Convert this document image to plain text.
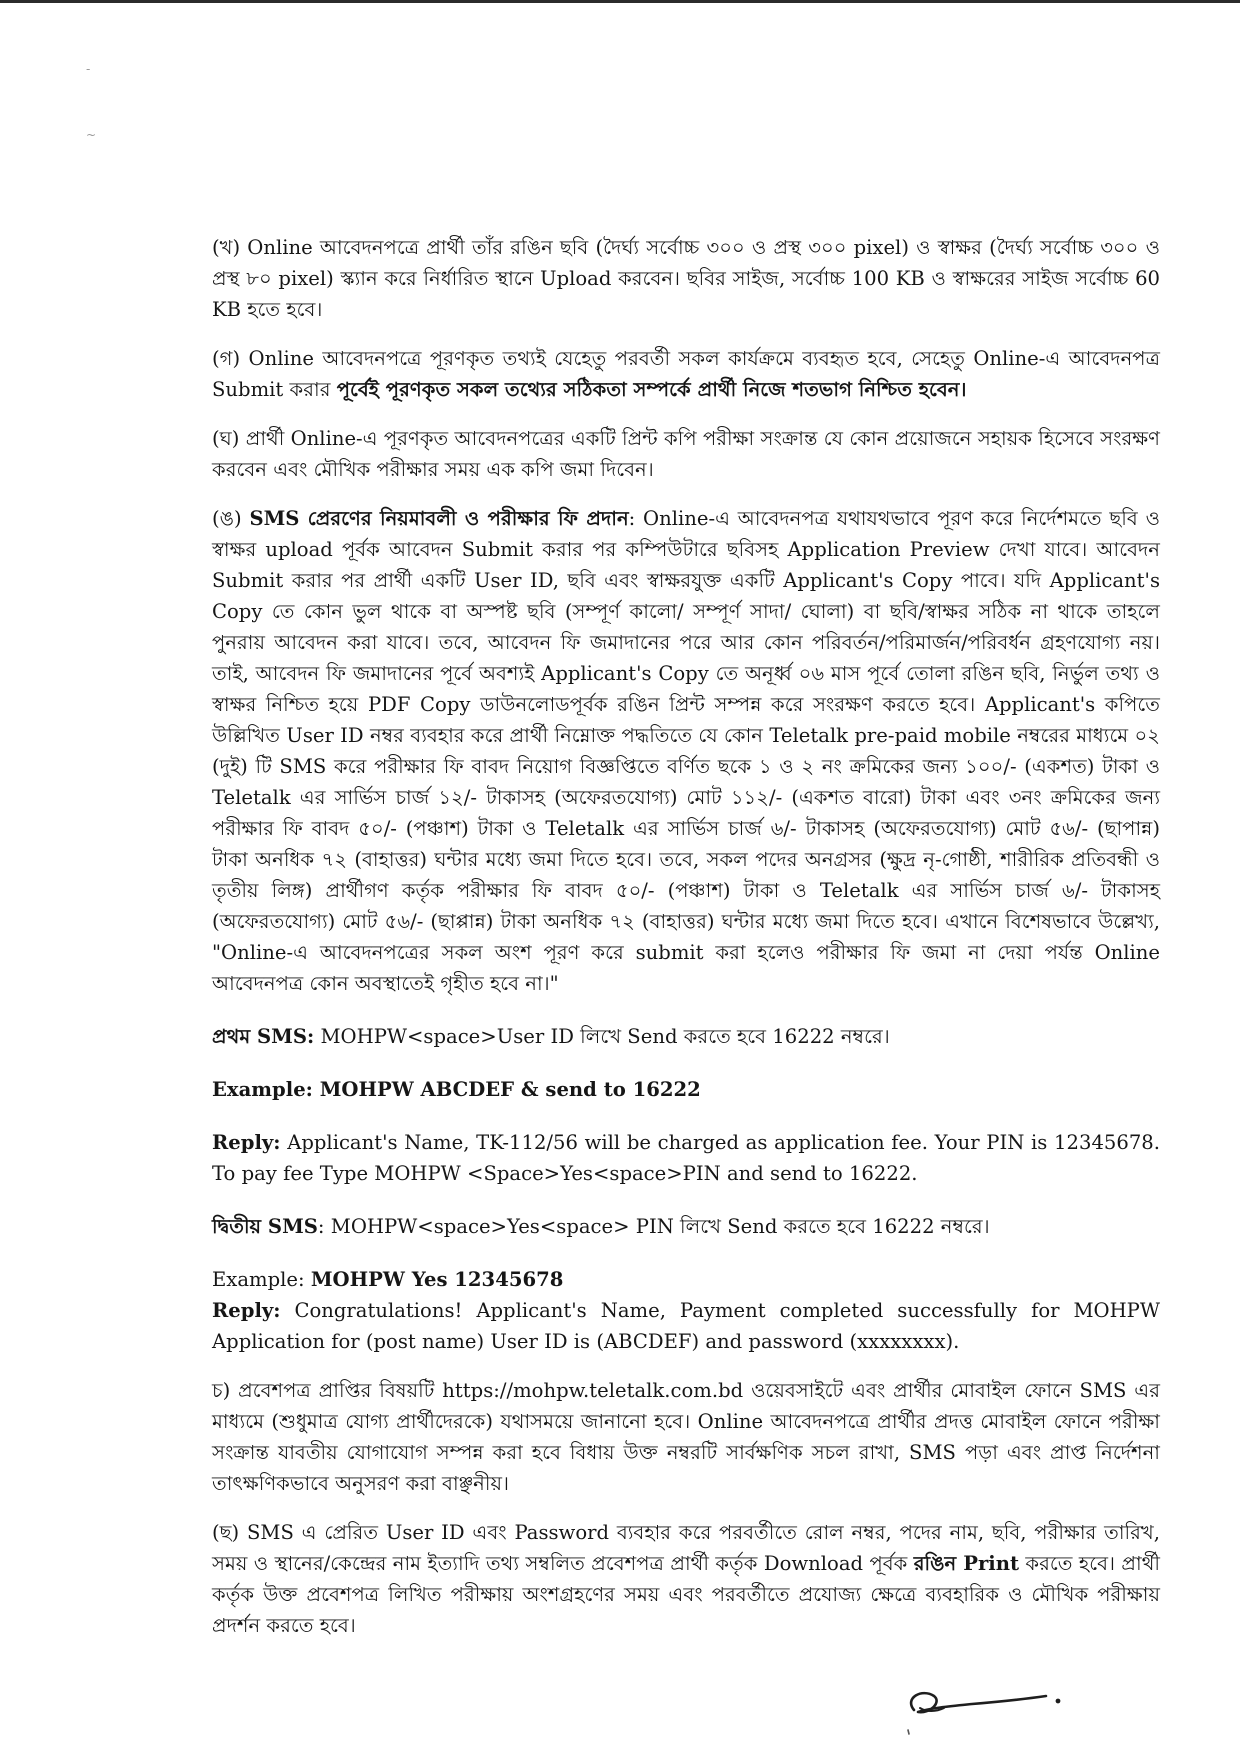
-
~

(খ) Online আবেদনপত্রে প্রার্থী তাঁর রঙিন ছবি (দৈর্ঘ্য সর্বোচ্চ ৩০০ ও প্রস্থ ৩০০ pixel) ও স্বাক্ষর (দৈর্ঘ্য সর্বোচ্চ ৩০০ ও প্রস্থ ৮০ pixel) স্ক্যান করে নির্ধারিত স্থানে Upload করবেন। ছবির সাইজ, সর্বোচ্চ 100 KB ও স্বাক্ষরের সাইজ সর্বোচ্চ 60 KB হতে হবে।

(গ) Online আবেদনপত্রে পূরণকৃত তথ্যই যেহেতু পরবর্তী সকল কার্যক্রমে ব্যবহৃত হবে, সেহেতু Online-এ আবেদনপত্র Submit করার পূর্বেই পূরণকৃত সকল তথ্যের সঠিকতা সম্পর্কে প্রার্থী নিজে শতভাগ নিশ্চিত হবেন।

(ঘ) প্রার্থী Online-এ পূরণকৃত আবেদনপত্রের একটি প্রিন্ট কপি পরীক্ষা সংক্রান্ত যে কোন প্রয়োজনে সহায়ক হিসেবে সংরক্ষণ করবেন এবং মৌখিক পরীক্ষার সময় এক কপি জমা দিবেন।

(ঙ) SMS প্রেরণের নিয়মাবলী ও পরীক্ষার ফি প্রদান: Online-এ আবেদনপত্র যথাযথভাবে পূরণ করে নির্দেশমতে ছবি ও স্বাক্ষর upload পূর্বক আবেদন Submit করার পর কম্পিউটারে ছবিসহ Application Preview দেখা যাবে। আবেদন Submit করার পর প্রার্থী একটি User ID, ছবি এবং স্বাক্ষরযুক্ত একটি Applicant's Copy পাবে। যদি Applicant's Copy তে কোন ভুল থাকে বা অস্পষ্ট ছবি (সম্পূর্ণ কালো/ সম্পূর্ণ সাদা/ ঘোলা) বা ছবি/স্বাক্ষর সঠিক না থাকে তাহলে পুনরায় আবেদন করা যাবে। তবে, আবেদন ফি জমাদানের পরে আর কোন পরিবর্তন/পরিমার্জন/পরিবর্ধন গ্রহণযোগ্য নয়। তাই, আবেদন ফি জমাদানের পূর্বে অবশ্যই Applicant's Copy তে অনূর্ধ্ব ০৬ মাস পূর্বে তোলা রঙিন ছবি, নির্ভুল তথ্য ও স্বাক্ষর নিশ্চিত হয়ে PDF Copy ডাউনলোডপূর্বক রঙিন প্রিন্ট সম্পন্ন করে সংরক্ষণ করতে হবে। Applicant's কপিতে উল্লিখিত User ID নম্বর ব্যবহার করে প্রার্থী নিম্নোক্ত পদ্ধতিতে যে কোন Teletalk pre-paid mobile নম্বরের মাধ্যমে ০২ (দুই) টি SMS করে পরীক্ষার ফি বাবদ নিয়োগ বিজ্ঞপ্তিতে বর্ণিত ছকে ১ ও ২ নং ক্রমিকের জন্য ১০০/- (একশত) টাকা ও Teletalk এর সার্ভিস চার্জ ১২/- টাকাসহ (অফেরতযোগ্য) মোট ১১২/- (একশত বারো) টাকা এবং ৩নং ক্রমিকের জন্য পরীক্ষার ফি বাবদ ৫০/- (পঞ্চাশ) টাকা ও Teletalk এর সার্ভিস চার্জ ৬/- টাকাসহ (অফেরতযোগ্য) মোট ৫৬/- (ছাপান্ন) টাকা অনধিক ৭২ (বাহাত্তর) ঘন্টার মধ্যে জমা দিতে হবে। তবে, সকল পদের অনগ্রসর (ক্ষুদ্র নৃ-গোষ্ঠী, শারীরিক প্রতিবন্ধী ও তৃতীয় লিঙ্গ) প্রার্থীগণ কর্তৃক পরীক্ষার ফি বাবদ ৫০/- (পঞ্চাশ) টাকা ও Teletalk এর সার্ভিস চার্জ ৬/- টাকাসহ (অফেরতযোগ্য) মোট ৫৬/- (ছাপ্পান্ন) টাকা অনধিক ৭২ (বাহাত্তর) ঘন্টার মধ্যে জমা দিতে হবে। এখানে বিশেষভাবে উল্লেখ্য, "Online-এ আবেদনপত্রের সকল অংশ পূরণ করে submit করা হলেও পরীক্ষার ফি জমা না দেয়া পর্যন্ত Online আবেদনপত্র কোন অবস্থাতেই গৃহীত হবে না।"

প্রথম SMS: MOHPW<space>User ID লিখে Send করতে হবে 16222 নম্বরে।

Example: MOHPW ABCDEF & send to 16222

Reply: Applicant's Name, TK-112/56 will be charged as application fee. Your PIN is 12345678. To pay fee Type MOHPW <Space>Yes<space>PIN and send to 16222.

দ্বিতীয় SMS: MOHPW<space>Yes<space> PIN লিখে Send করতে হবে 16222 নম্বরে।

Example: MOHPW Yes 12345678

Reply: Congratulations! Applicant's Name, Payment completed successfully for MOHPW Application for (post name) User ID is (ABCDEF) and password (xxxxxxxx).

চ) প্রবেশপত্র প্রাপ্তির বিষয়টি https://mohpw.teletalk.com.bd ওয়েবসাইটে এবং প্রার্থীর মোবাইল ফোনে SMS এর মাধ্যমে (শুধুমাত্র যোগ্য প্রার্থীদেরকে) যথাসময়ে জানানো হবে। Online আবেদনপত্রে প্রার্থীর প্রদত্ত মোবাইল ফোনে পরীক্ষা সংক্রান্ত যাবতীয় যোগাযোগ সম্পন্ন করা হবে বিধায় উক্ত নম্বরটি সার্বক্ষণিক সচল রাখা, SMS পড়া এবং প্রাপ্ত নির্দেশনা তাৎক্ষণিকভাবে অনুসরণ করা বাঞ্ছনীয়।

(ছ) SMS এ প্রেরিত User ID এবং Password ব্যবহার করে পরবর্তীতে রোল নম্বর, পদের নাম, ছবি, পরীক্ষার তারিখ, সময় ও স্থানের/কেন্দ্রের নাম ইত্যাদি তথ্য সম্বলিত প্রবেশপত্র প্রার্থী কর্তৃক Download পূর্বক রঙিন Print করতে হবে। প্রার্থী কর্তৃক উক্ত প্রবেশপত্র লিখিত পরীক্ষায় অংশগ্রহণের সময় এবং পরবর্তীতে প্রযোজ্য ক্ষেত্রে ব্যবহারিক ও মৌখিক পরীক্ষায় প্রদর্শন করতে হবে।
